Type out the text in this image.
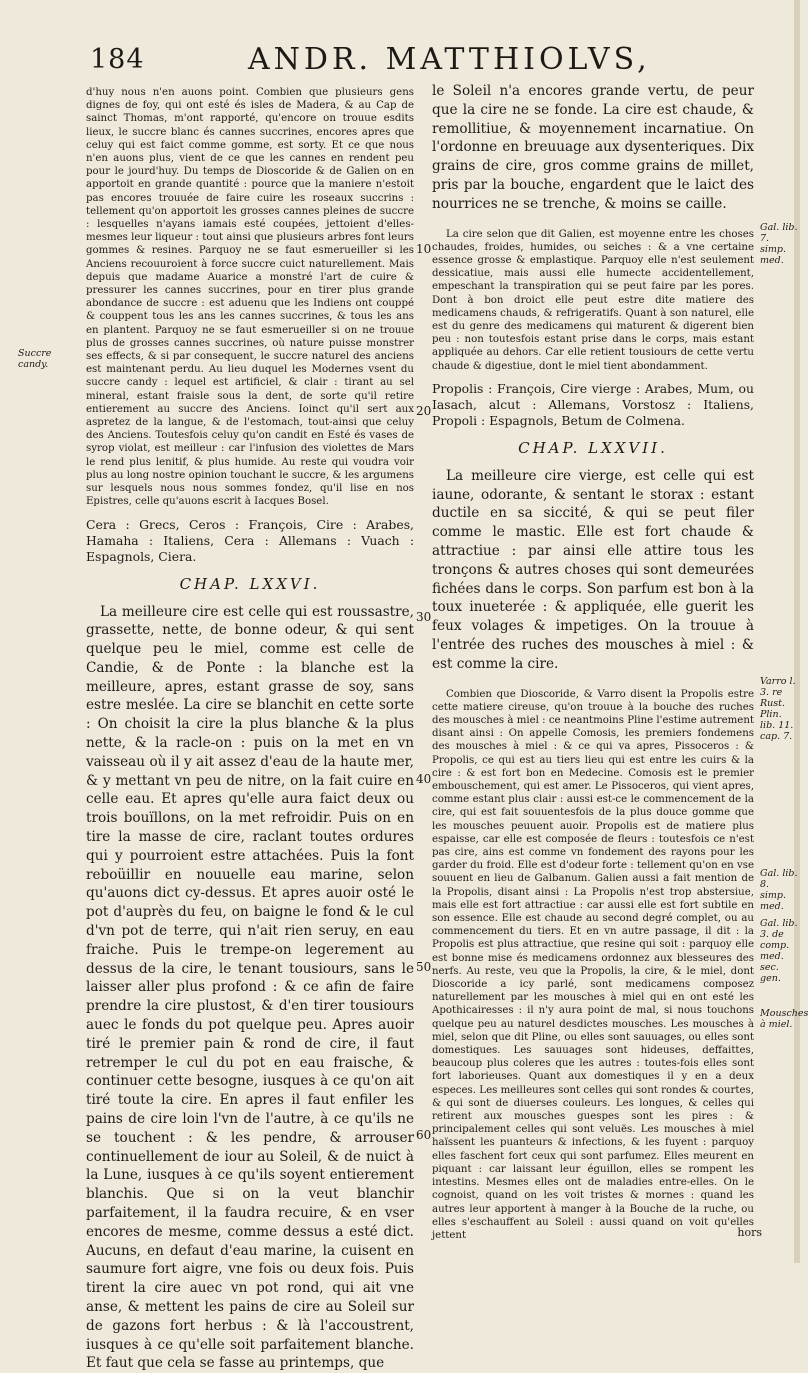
184	ANDR. MATTHIOLVS,

d'huy nous n'en auons point. Combien que plusieurs gens dignes de foy, qui ont esté és isles de Madera, & au Cap de sainct Thomas, m'ont rapporté, qu'encore on trouue esdits lieux, le succre blanc és cannes succrines, encores apres que celuy qui est faict comme gomme, est sorty. Et ce que nous n'en auons plus, vient de ce que les cannes en rendent peu pour le jourd'huy. Du temps de Dioscoride & de Galien on en apportoit en grande quantité : pource que la maniere n'estoit pas encores trouuée de faire cuire les roseaux succrins : tellement qu'on apportoit les grosses cannes pleines de succre : lesquelles n'ayans iamais esté coupées, jettoient d'elles-mesmes leur liqueur : tout ainsi que plusieurs arbres font leurs gommes & resines. Parquoy ne se faut esmerueiller si les Anciens recouuroient à force succre cuict naturellement. Mais depuis que madame Auarice a monstré l'art de cuire & pressurer les cannes succrines, pour en tirer plus grande abondance de succre : est aduenu que les Indiens ont couppé & couppent tous les ans les cannes succrines, & tous les ans en plantent. Parquoy ne se faut esmerueiller si on ne trouue plus de grosses cannes succrines, où nature puisse monstrer ses effects, & si par consequent, le succre naturel des anciens est maintenant perdu. Au lieu duquel les Modernes vsent du succre candy : lequel est artificiel, & clair : tirant au sel mineral, estant fraisle sous la dent, de sorte qu'il retire entierement au succre des Anciens. Ioinct qu'il sert aux aspretez de la langue, & de l'estomach, tout-ainsi que celuy des Anciens. Toutesfois celuy qu'on candit en Esté és vases de syrop violat, est meilleur : car l'infusion des violettes de Mars le rend plus lenitif, & plus humide. Au reste qui voudra voir plus au long nostre opinion touchant le succre, & les argumens sur lesquels nous nous sommes fondez, qu'il lise en nos Epistres, celle qu'auons escrit à Iacques Bosel.

Cera : Grecs, Ceros : François, Cire : Arabes, Hamaha : Italiens, Cera : Allemans : Vuach : Espagnols, Ciera.

CHAP. LXXVI.

La meilleure cire est celle qui est roussastre, grassette, nette, de bonne odeur, & qui sent quelque peu le miel, comme est celle de Candie, & de Ponte : la blanche est la meilleure, apres, estant grasse de soy, sans estre meslée. La cire se blanchit en cette sorte : On choisit la cire la plus blanche & la plus nette, & la racle-on : puis on la met en vn vaisseau où il y ait assez d'eau de la haute mer, & y mettant vn peu de nitre, on la fait cuire en celle eau. Et apres qu'elle aura faict deux ou trois bouïllons, on la met refroidir. Puis on en tire la masse de cire, raclant toutes ordures qui y pourroient estre attachées. Puis la font reboüillir en nouuelle eau marine, selon qu'auons dict cy-dessus. Et apres auoir osté le pot d'auprès du feu, on baigne le fond & le cul d'vn pot de terre, qui n'ait rien seruy, en eau fraiche. Puis le trempe-on legerement au dessus de la cire, le tenant tousiours, sans le laisser aller plus profond : & ce afin de faire prendre la cire plustost, & d'en tirer tousiours auec le fonds du pot quelque peu. Apres auoir tiré le premier pain & rond de cire, il faut retremper le cul du pot en eau fraische, & continuer cette besogne, iusques à ce qu'on ait tiré toute la cire. En apres il faut enfiler les pains de cire loin l'vn de l'autre, à ce qu'ils ne se touchent : & les pendre, & arrouser continuellement de iour au Soleil, & de nuict à la Lune, iusques à ce qu'ils soyent entierement blanchis. Que si on la veut blanchir parfaitement, il la faudra recuire, & en vser encores de mesme, comme dessus a esté dict. Aucuns, en defaut d'eau marine, la cuisent en saumure fort aigre, vne fois ou deux fois. Puis tirent la cire auec vn pot rond, qui ait vne anse, & mettent les pains de cire au Soleil sur de gazons fort herbus : & là l'accoustrent, iusques à ce qu'elle soit parfaitement blanche. Et faut que cela se fasse au printemps, que

le Soleil n'a encores grande vertu, de peur que la cire ne se fonde. La cire est chaude, & remollitiue, & moyennement incarnatiue. On l'ordonne en breuuage aux dysenteriques. Dix grains de cire, gros comme grains de millet, pris par la bouche, engardent que le laict des nourrices ne se trenche, & moins se caille.

La cire selon que dit Galien, est moyenne entre les choses chaudes, froides, humides, ou seiches : & a vne certaine essence grosse & emplastique. Parquoy elle n'est seulement dessicatiue, mais aussi elle humecte accidentellement, empeschant la transpiration qui se peut faire par les pores. Dont à bon droict elle peut estre dite matiere des medicamens chauds, & refrigeratifs. Quant à son naturel, elle est du genre des medicamens qui maturent & digerent bien peu : non toutesfois estant prise dans le corps, mais estant appliquée au dehors. Car elle retient tousiours de cette vertu chaude & digestiue, dont le miel tient abondamment.

Propolis : François, Cire vierge : Arabes, Mum, ou Iasach, alcut : Allemans, Vorstosz : Italiens, Propoli : Espagnols, Betum de Colmena.

CHAP. LXXVII.

La meilleure cire vierge, est celle qui est iaune, odorante, & sentant le storax : estant ductile en sa siccité, & qui se peut filer comme le mastic. Elle est fort chaude & attractiue : par ainsi elle attire tous les tronçons & autres choses qui sont demeurées fichées dans le corps. Son parfum est bon à la toux inueterée : & appliquée, elle guerit les feux volages & impetiges. On la trouue à l'entrée des ruches des mousches à miel : & est comme la cire.

Combien que Dioscoride, & Varro disent la Propolis estre cette matiere cireuse, qu'on trouue à la bouche des ruches des mousches à miel : ce neantmoins Pline l'estime autrement disant ainsi : On appelle Comosis, les premiers fondemens des mousches à miel : & ce qui va apres, Pissoceros : & Propolis, ce qui est au tiers lieu qui est entre les cuirs & la cire : & est fort bon en Medecine. Comosis est le premier embouschement, qui est amer. Le Pissoceros, qui vient apres, comme estant plus clair : aussi est-ce le commencement de la cire, qui est fait souuentesfois de la plus douce gomme que les mousches peuuent auoir. Propolis est de matiere plus espaisse, car elle est composée de fleurs : toutesfois ce n'est pas cire, ains est comme vn fondement des rayons pour les garder du froid. Elle est d'odeur forte : tellement qu'on en vse souuent en lieu de Galbanum. Galien aussi a fait mention de la Propolis, disant ainsi : La Propolis n'est trop abstersiue, mais elle est fort attractiue : car aussi elle est fort subtile en son essence. Elle est chaude au second degré complet, ou au commencement du tiers. Et en vn autre passage, il dit : la Propolis est plus attractiue, que resine qui soit : parquoy elle est bonne mise és medicamens ordonnez aux blesseures des nerfs. Au reste, veu que la Propolis, la cire, & le miel, dont Dioscoride a icy parlé, sont medicamens composez naturellement par les mousches à miel qui en ont esté les Apothicairesses : il n'y aura point de mal, si nous touchons quelque peu au naturel desdictes mousches. Les mousches à miel, selon que dit Pline, ou elles sont sauuages, ou elles sont domestiques. Les sauuages sont hideuses, deffaittes, beaucoup plus coleres que les autres : toutes-fois elles sont fort laborieuses. Quant aux domestiques il y en a deux especes. Les meilleures sont celles qui sont rondes & courtes, & qui sont de diuerses couleurs. Les longues, & celles qui retirent aux mousches guespes sont les pires : & principalement celles qui sont veluës. Les mousches à miel haïssent les puanteurs & infections, & les fuyent : parquoy elles faschent fort ceux qui sont parfumez. Elles meurent en piquant : car laissant leur éguillon, elles se rompent les intestins. Mesmes elles ont de maladies entre-elles. On le cognoist, quand on les voit tristes & mornes : quand les autres leur apportent à manger à la Bouche de la ruche, ou elles s'eschauffent au Soleil : aussi quand on voit qu'elles jettent

Succre candy.
Gal. lib. 7. simp. med.
Varro l. 3. re Rust. Plin. lib. 11. cap. 7.
Gal. lib. 8. simp. med.
Gal. lib. 3. de comp. med. sec. gen.
Mousches à miel.
10
20
30
40
50
60
hors
